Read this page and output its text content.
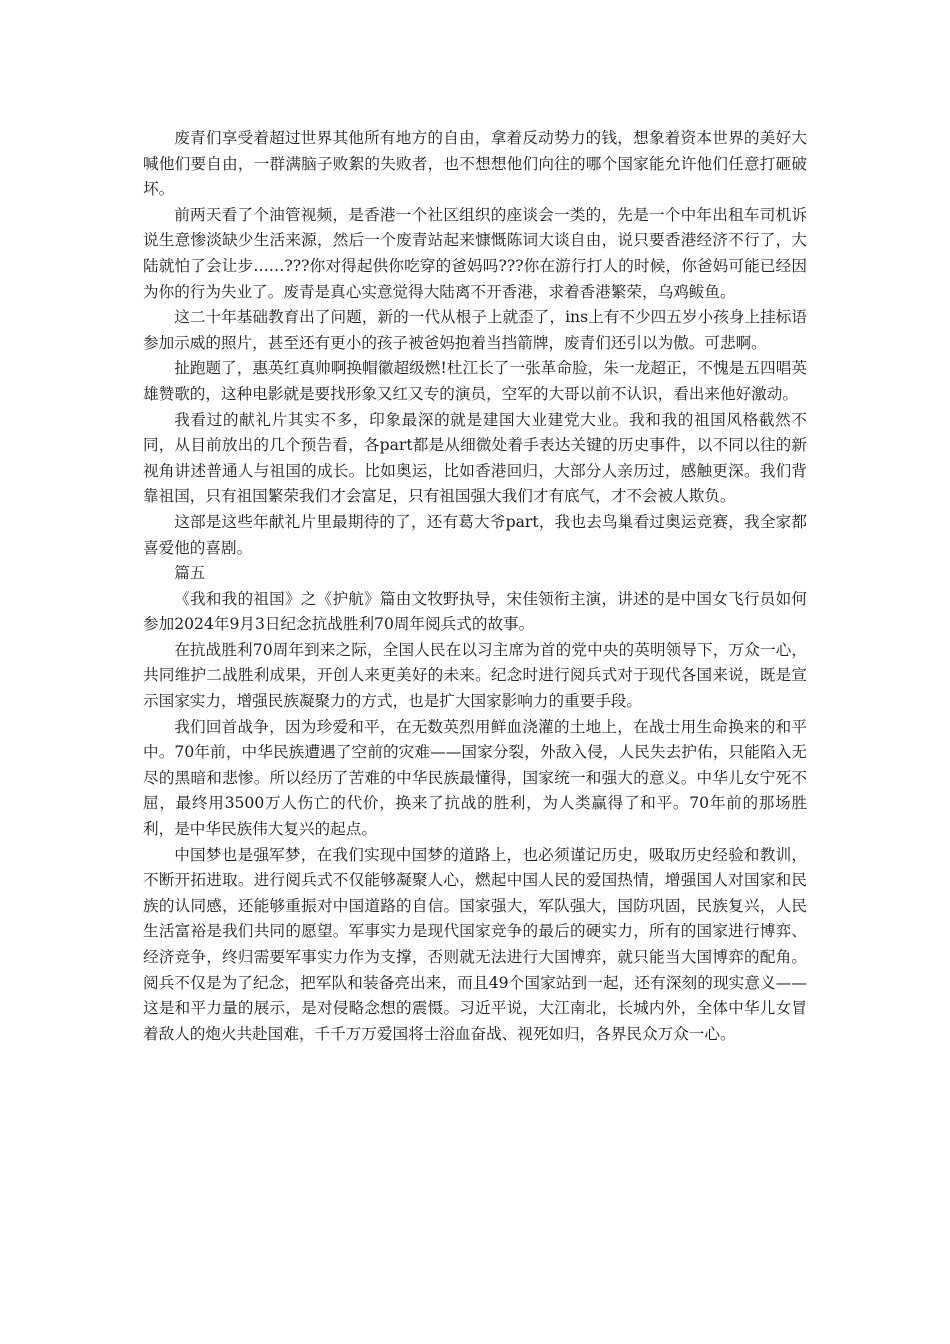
废青们享受着超过世界其他所有地方的自由，拿着反动势力的钱，想象着资本世界的美好大喊他们要自由，一群满脑子败絮的失败者，也不想想他们向往的哪个国家能允许他们任意打砸破坏。

前两天看了个油管视频，是香港一个社区组织的座谈会一类的，先是一个中年出租车司机诉说生意惨淡缺少生活来源，然后一个废青站起来慷慨陈词大谈自由，说只要香港经济不行了，大陆就怕了会让步……???你对得起供你吃穿的爸妈吗???你在游行打人的时候，你爸妈可能已经因为你的行为失业了。废青是真心实意觉得大陆离不开香港，求着香港繁荣，乌鸡鲅鱼。

这二十年基础教育出了问题，新的一代从根子上就歪了，ins上有不少四五岁小孩身上挂标语参加示威的照片，甚至还有更小的孩子被爸妈抱着当挡箭牌，废青们还引以为傲。可悲啊。

扯跑题了，惠英红真帅啊换帽徽超级燃!杜江长了一张革命脸，朱一龙超正，不愧是五四唱英雄赞歌的，这种电影就是要找形象又红又专的演员，空军的大哥以前不认识，看出来他好激动。

我看过的献礼片其实不多，印象最深的就是建国大业建党大业。我和我的祖国风格截然不同，从目前放出的几个预告看，各part都是从细微处着手表达关键的历史事件，以不同以往的新视角讲述普通人与祖国的成长。比如奥运，比如香港回归，大部分人亲历过，感触更深。我们背靠祖国，只有祖国繁荣我们才会富足，只有祖国强大我们才有底气，才不会被人欺负。

这部是这些年献礼片里最期待的了，还有葛大爷part，我也去鸟巢看过奥运竞赛，我全家都喜爱他的喜剧。

篇五

《我和我的祖国》之《护航》篇由文牧野执导，宋佳领衔主演，讲述的是中国女飞行员如何参加2024年9月3日纪念抗战胜利70周年阅兵式的故事。

在抗战胜利70周年到来之际，全国人民在以习主席为首的党中央的英明领导下，万众一心，共同维护二战胜利成果，开创人来更美好的未来。纪念时进行阅兵式对于现代各国来说，既是宣示国家实力，增强民族凝聚力的方式，也是扩大国家影响力的重要手段。

我们回首战争，因为珍爱和平，在无数英烈用鲜血浇灌的土地上，在战士用生命换来的和平中。70年前，中华民族遭遇了空前的灾难——国家分裂，外敌入侵，人民失去护佑，只能陷入无尽的黑暗和悲惨。所以经历了苦难的中华民族最懂得，国家统一和强大的意义。中华儿女宁死不屈，最终用3500万人伤亡的代价，换来了抗战的胜利，为人类赢得了和平。70年前的那场胜利，是中华民族伟大复兴的起点。

中国梦也是强军梦，在我们实现中国梦的道路上，也必须谨记历史，吸取历史经验和教训，不断开拓进取。进行阅兵式不仅能够凝聚人心，燃起中国人民的爱国热情，增强国人对国家和民族的认同感，还能够重振对中国道路的自信。国家强大，军队强大，国防巩固，民族复兴，人民生活富裕是我们共同的愿望。军事实力是现代国家竞争的最后的硬实力，所有的国家进行博弈、经济竞争，终归需要军事实力作为支撑，否则就无法进行大国博弈，就只能当大国博弈的配角。阅兵不仅是为了纪念，把军队和装备亮出来，而且49个国家站到一起，还有深刻的现实意义——这是和平力量的展示，是对侵略念想的震慑。习近平说，大江南北，长城内外，全体中华儿女冒着敌人的炮火共赴国难，千千万万爱国将士浴血奋战、视死如归，各界民众万众一心。
